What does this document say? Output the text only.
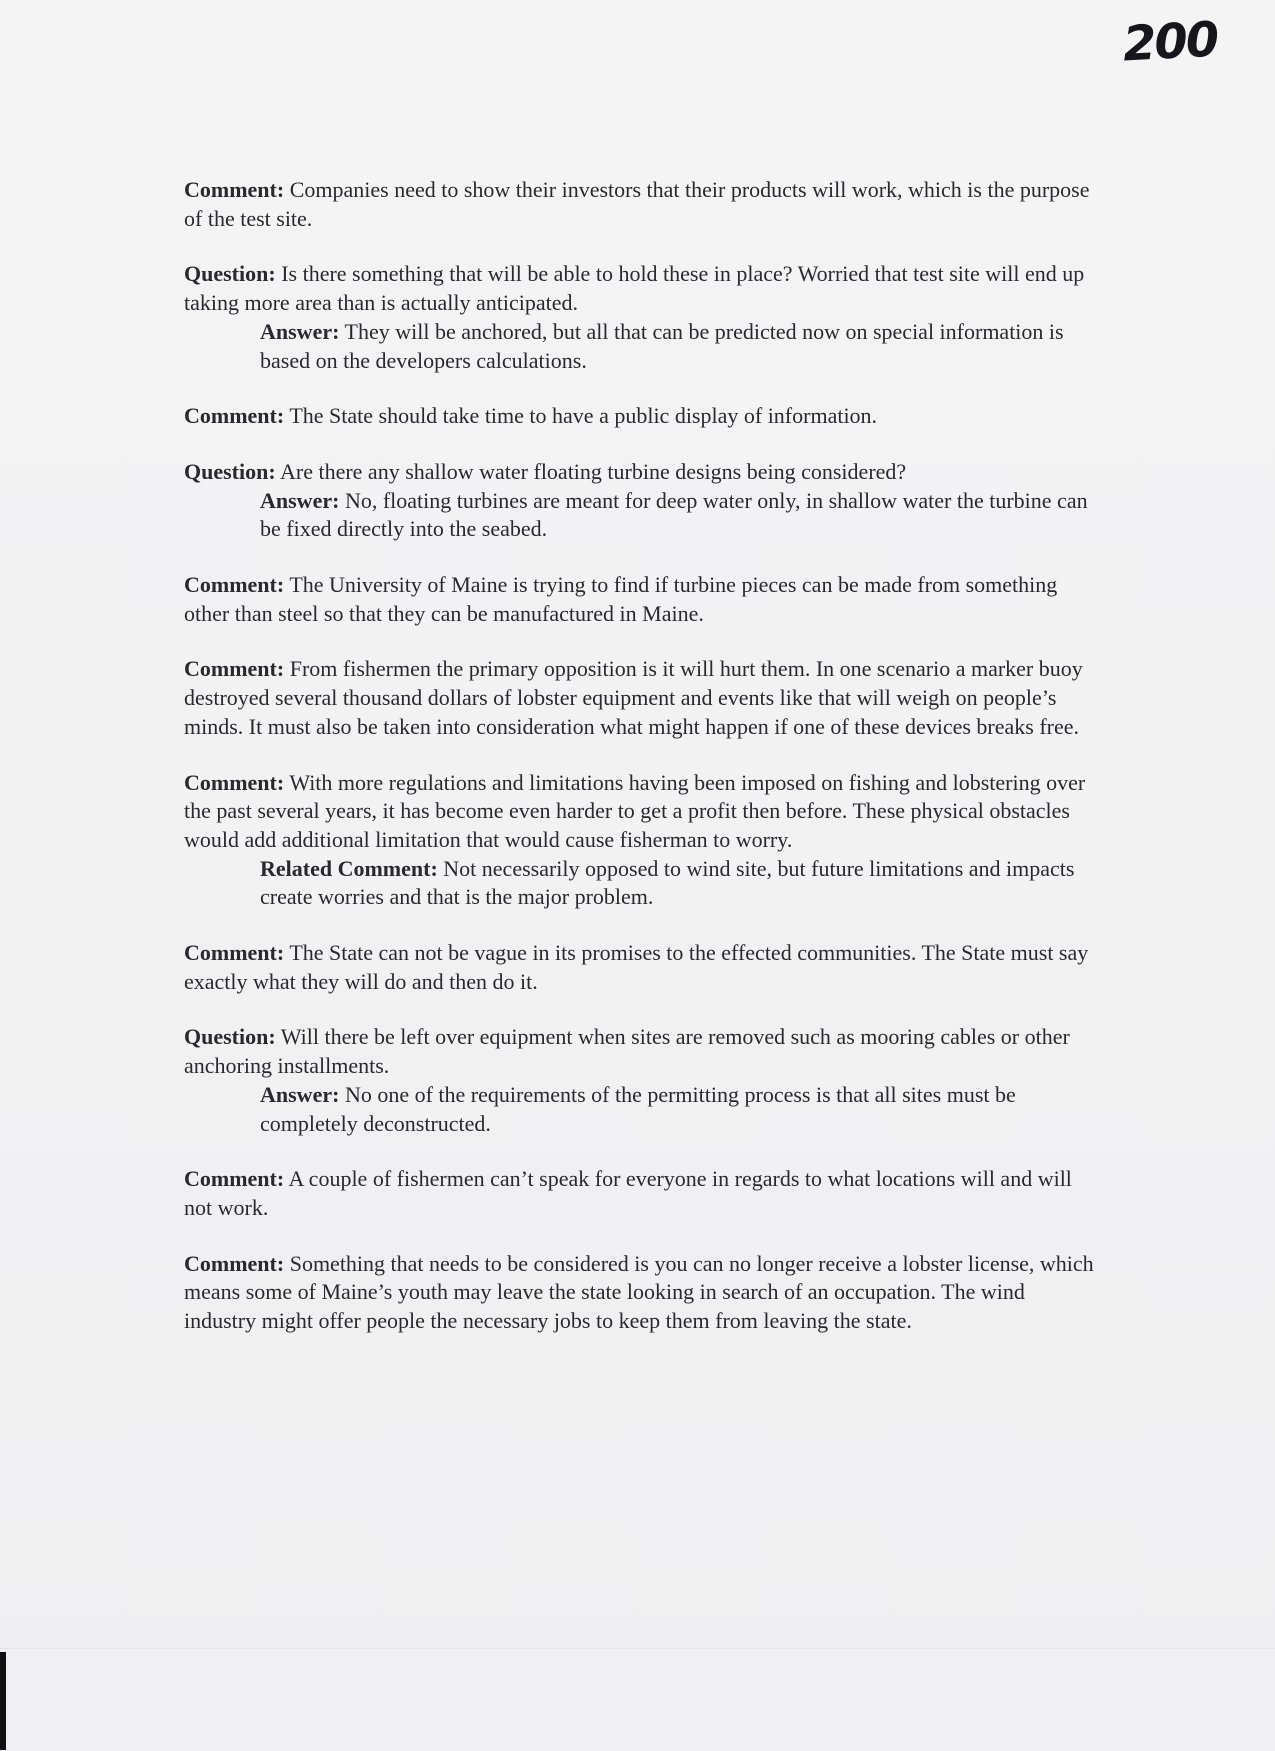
200

Comment: Companies need to show their investors that their products will work, which is the purpose of the test site.

Question: Is there something that will be able to hold these in place? Worried that test site will end up taking more area than is actually anticipated.

Answer: They will be anchored, but all that can be predicted now on special information is based on the developers calculations.

Comment: The State should take time to have a public display of information.

Question: Are there any shallow water floating turbine designs being considered?

Answer: No, floating turbines are meant for deep water only, in shallow water the turbine can be fixed directly into the seabed.

Comment: The University of Maine is trying to find if turbine pieces can be made from something other than steel so that they can be manufactured in Maine.

Comment: From fishermen the primary opposition is it will hurt them. In one scenario a marker buoy destroyed several thousand dollars of lobster equipment and events like that will weigh on people’s minds. It must also be taken into consideration what might happen if one of these devices breaks free.

Comment: With more regulations and limitations having been imposed on fishing and lobstering over the past several years, it has become even harder to get a profit then before. These physical obstacles would add additional limitation that would cause fisherman to worry.

Related Comment: Not necessarily opposed to wind site, but future limitations and impacts create worries and that is the major problem.

Comment: The State can not be vague in its promises to the effected communities. The State must say exactly what they will do and then do it.

Question: Will there be left over equipment when sites are removed such as mooring cables or other anchoring installments.

Answer: No one of the requirements of the permitting process is that all sites must be completely deconstructed.

Comment: A couple of fishermen can’t speak for everyone in regards to what locations will and will not work.

Comment: Something that needs to be considered is you can no longer receive a lobster license, which means some of Maine’s youth may leave the state looking in search of an occupation. The wind industry might offer people the necessary jobs to keep them from leaving the state.
